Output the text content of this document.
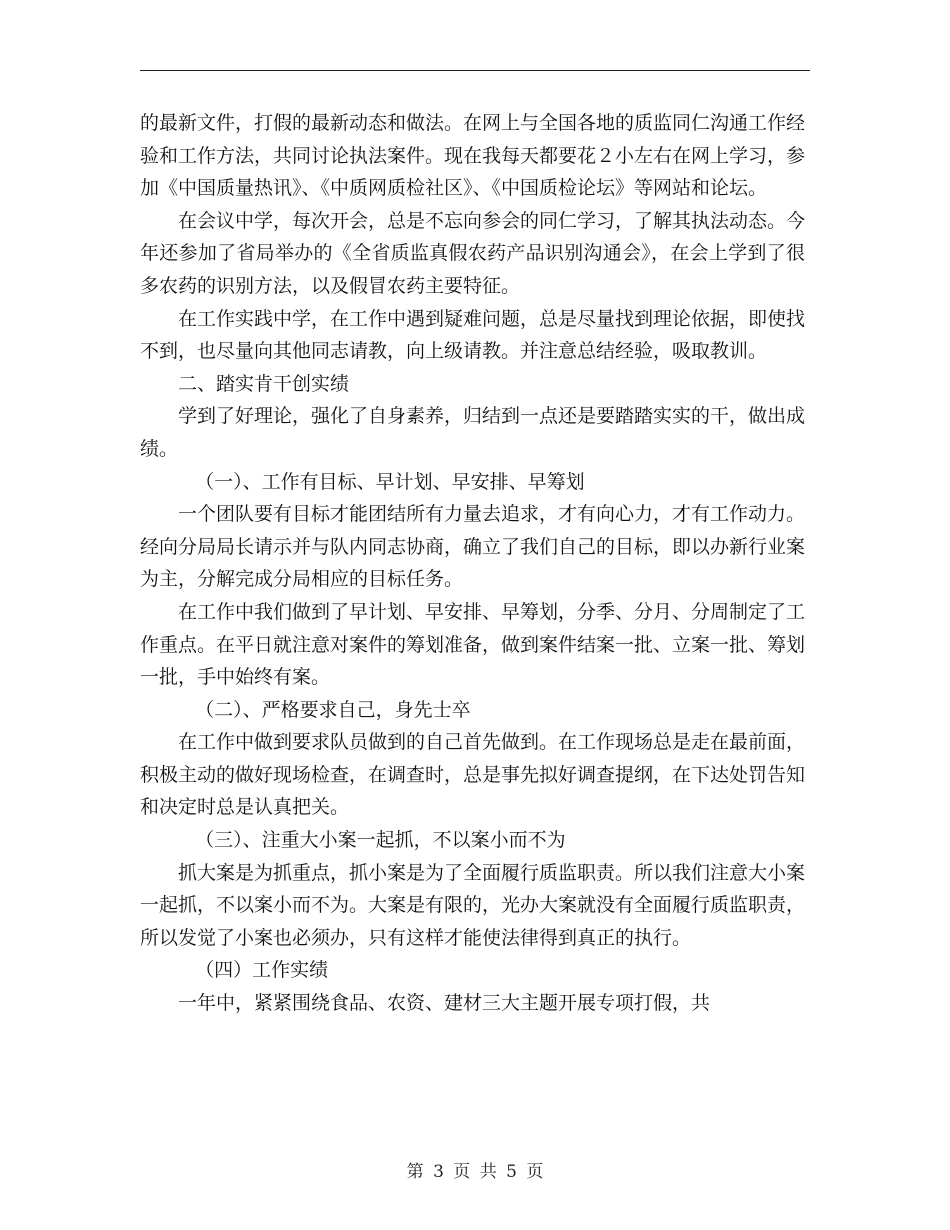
的最新文件，打假的最新动态和做法。在网上与全国各地的质监同仁沟通工作经验和工作方法，共同讨论执法案件。现在我每天都要花２小左右在网上学习，参加《中国质量热讯》、《中质网质检社区》、《中国质检论坛》等网站和论坛。

在会议中学，每次开会，总是不忘向参会的同仁学习，了解其执法动态。今年还参加了省局举办的《全省质监真假农药产品识别沟通会》，在会上学到了很多农药的识别方法，以及假冒农药主要特征。

在工作实践中学，在工作中遇到疑难问题，总是尽量找到理论依据，即使找不到，也尽量向其他同志请教，向上级请教。并注意总结经验，吸取教训。

二、踏实肯干创实绩

学到了好理论，强化了自身素养，归结到一点还是要踏踏实实的干，做出成绩。

（一）、工作有目标、早计划、早安排、早筹划

一个团队要有目标才能团结所有力量去追求，才有向心力，才有工作动力。经向分局局长请示并与队内同志协商，确立了我们自己的目标，即以办新行业案为主，分解完成分局相应的目标任务。

在工作中我们做到了早计划、早安排、早筹划，分季、分月、分周制定了工作重点。在平日就注意对案件的筹划准备，做到案件结案一批、立案一批、筹划一批，手中始终有案。

（二）、严格要求自己，身先士卒

在工作中做到要求队员做到的自己首先做到。在工作现场总是走在最前面，积极主动的做好现场检查，在调查时，总是事先拟好调查提纲，在下达处罚告知和决定时总是认真把关。

（三）、注重大小案一起抓，不以案小而不为

抓大案是为抓重点，抓小案是为了全面履行质监职责。所以我们注意大小案一起抓，不以案小而不为。大案是有限的，光办大案就没有全面履行质监职责，所以发觉了小案也必须办，只有这样才能使法律得到真正的执行。

（四）工作实绩

一年中，紧紧围绕食品、农资、建材三大主题开展专项打假，共

第 3 页 共 5 页
